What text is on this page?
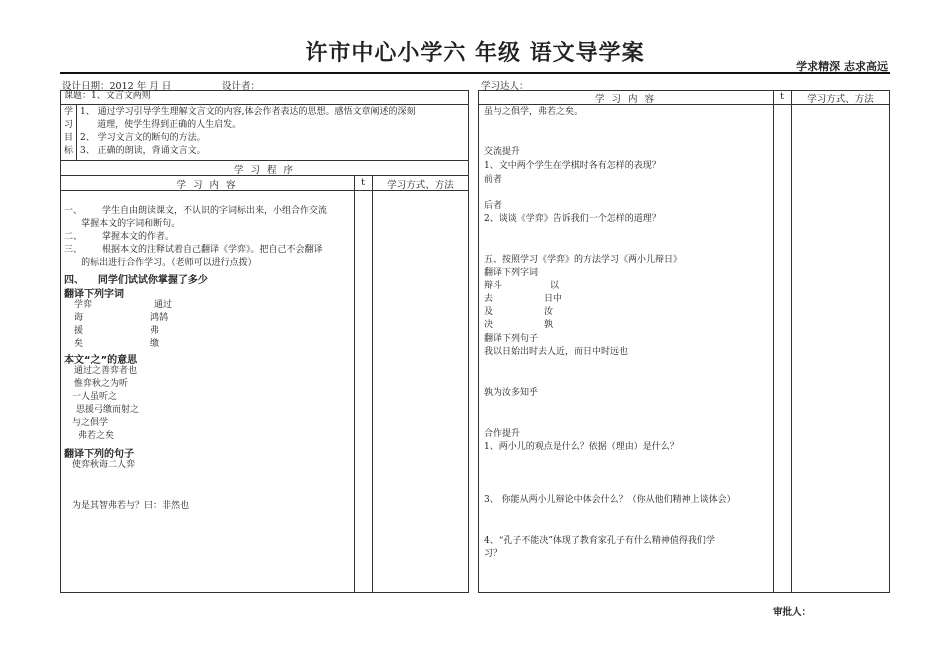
许市中心小学六 年级 语文导学案
学求精深 志求高远
设计日期：2012 年 月 日	设计者：	学习达人：
课题：1、文言文两则
学
习
目
标
1、 通过学习引导学生理解文言文的内容,体会作者表达的思想。感悟文章阐述的深刻
道理，使学生得到正确的人生启发。
2、 学习文言文的断句的方法。
3、 正确的朗读，背诵文言文。
学 习 程 序
学 习 内 容	t	学习方式、方法
一、       学生自由朗读课文，不认识的字词标出来，小组合作交流
掌握本文的字词和断句。
二、       掌握本文的作者。
三、       根据本文的注释试着自己翻译《学弈》。把自己不会翻译
的标出进行合作学习。（老师可以进行点拨）
四、    同学们试试你掌握了多少
翻译下列字词
学弈	通过
诲	鸿鹄
援	弗
矣	缴
本文“之”的意思
通过之善弈者也
惟弈秋之为听
一人虽听之
思援弓缴而射之
与之俱学
弗若之矣
翻译下列的句子
使弈秋诲二人弈
为是其智弗若与？曰：非然也
学 习 内 容	t	学习方式、方法
虽与之俱学，弗若之矣。
交流提升
1、文中两个学生在学棋时各有怎样的表现？
前者
后者
2、谈谈《学弈》告诉我们一个怎样的道理？
五、按照学习《学弈》的方法学习《两小儿辩日》
翻译下列字词
辩斗	以
去	日中
及	汝
决	孰
翻译下列句子
我以日始出时去人近，而日中时远也
孰为汝多知乎
合作提升
1、两小儿的观点是什么？依据（理由）是什么？
3、 你能从两小儿辩论中体会什么？（你从他们精神上谈体会）
4、“孔子不能决”体现了教育家孔子有什么精神值得我们学
习？
审批人：
